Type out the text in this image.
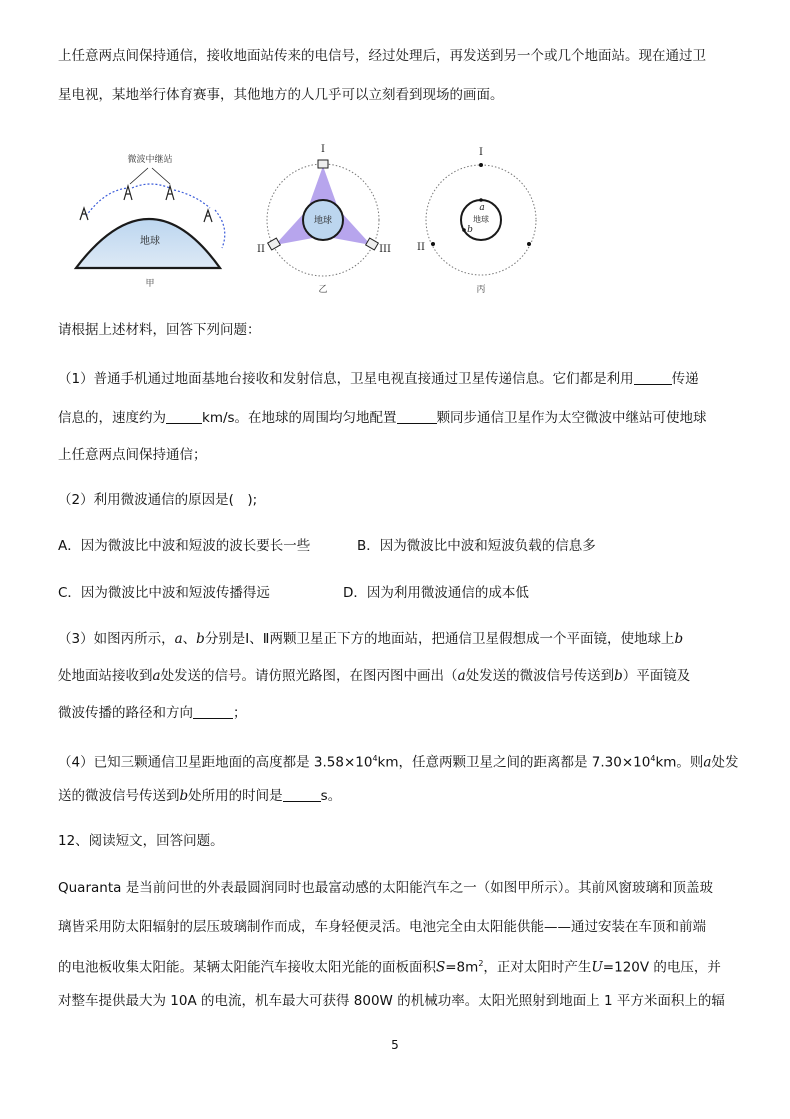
上任意两点间保持通信，接收地面站传来的电信号，经过处理后，再发送到另一个或几个地面站。现在通过卫
星电视，某地举行体育赛事，其他地方的人几乎可以立刻看到现场的画面。
微波中继站
地球
甲
I
II	III
地球
乙
I
II
a
b
地球
丙
请根据上述材料，回答下列问题：
（1）普通手机通过地面基地台接收和发射信息，卫星电视直接通过卫星传递信息。它们都是利用	传递
信息的，速度约为	km/s。在地球的周围均匀地配置	颗同步通信卫星作为太空微波中继站可使地球
上任意两点间保持通信；
（2）利用微波通信的原因是(　);
A．因为微波比中波和短波的波长要长一些	B．因为微波比中波和短波负载的信息多
C．因为微波比中波和短波传播得远	D．因为利用微波通信的成本低
（3）如图丙所示，a、b分别是Ⅰ、Ⅱ两颗卫星正下方的地面站，把通信卫星假想成一个平面镜，使地球上b
处地面站接收到a处发送的信号。请仿照光路图，在图丙图中画出（a处发送的微波信号传送到b）平面镜及
微波传播的路径和方向	；
（4）已知三颗通信卫星距地面的高度都是 $3.58\times 10^4km$，任意两颗卫星之间的距离都是 $7.30\times 10^4km$。则a处发
送的微波信号传送到b处所用的时间是	s。
12、阅读短文，回答问题。
Quaranta 是当前问世的外表最圆润同时也最富动感的太阳能汽车之一（如图甲所示）。其前风窗玻璃和顶盖玻
璃皆采用防太阳辐射的层压玻璃制作而成，车身轻便灵活。电池完全由太阳能供能——通过安装在车顶和前端
的电池板收集太阳能。某辆太阳能汽车接收太阳光能的面板面积$S=8m^2$，正对太阳时产生U=120V 的电压，并
对整车提供最大为 10A 的电流，机车最大可获得 800W 的机械功率。太阳光照射到地面上 1 平方米面积上的辐
5
